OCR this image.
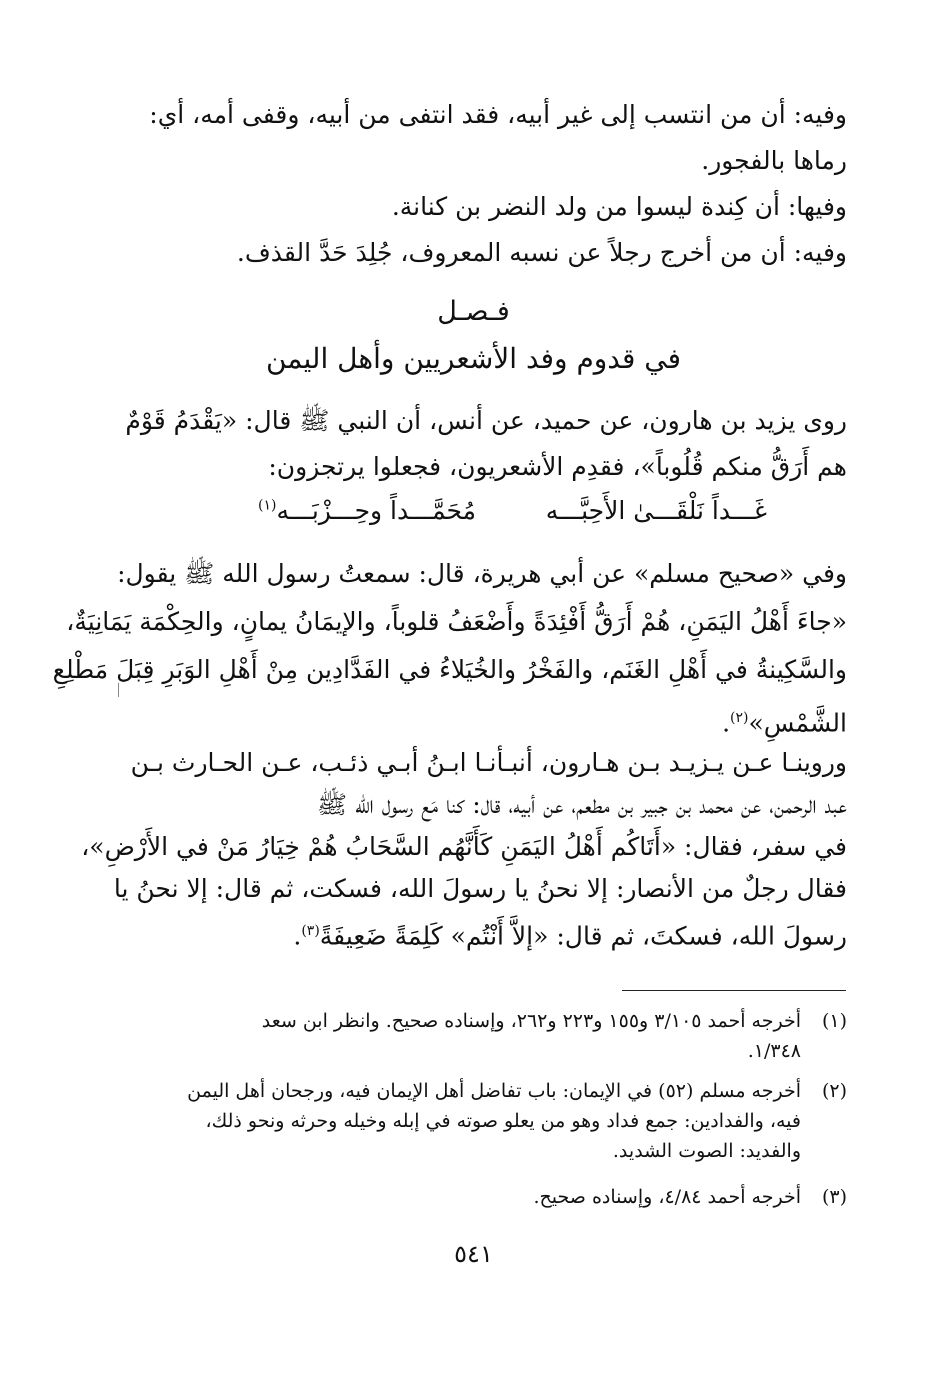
وفيه: أن من انتسب إلى غير أبيه، فقد انتفى من أبيه، وقفى أمه، أي:
رماها بالفجور.
وفيها: أن كِندة ليسوا من ولد النضر بن كنانة.
وفيه: أن من أخرج رجلاً عن نسبه المعروف، جُلِدَ حَدَّ القذف.
فـصـل
في قدوم وفد الأشعريين وأهل اليمن
روى يزيد بن هارون، عن حميد، عن أنس، أن النبي ﷺ قال: «يَقْدَمُ قَوْمٌ
هم أَرَقُّ منكم قُلُوباً»، فقدِم الأشعريون، فجعلوا يرتجزون:
غَـــداً نَلْقَـــىٰ الأَحِبَّـــه
مُحَمَّـــداً وحِـــزْبَـــه$^{(١)}$
وفي «صحيح مسلم» عن أبي هريرة، قال: سمعتُ رسول الله ﷺ يقول:
«جاءَ أَهْلُ اليَمَنِ، هُمْ أَرَقُّ أَفْئِدَةً وأَضْعَفُ قلوباً، والإيمَانُ يمانٍ، والحِكْمَة يَمَانِيَةٌ،
والسَّكِينةُ في أَهْلِ الغَنَم، والفَخْرُ والخُيَلاءُ في الفَدَّادِين مِنْ أَهْلِ الوَبَرِ قِبَلَ مَطْلِعِ
الشَّمْسِ»$^{(٢)}$.
وروينـا عـن يـزيـد بـن هـارون، أنبـأنـا ابـنُ أبـي ذئـب، عـن الحـارث بـن
عبد الرحمن، عن محمد بن جبير بن مطعم، عن أبيه، قال: كنا مَع رسول الله ﷺ
في سفر، فقال: «أَتَاكُم أَهْلُ اليَمَنِ كَأَنَّهُم السَّحَابُ هُمْ خِيَارُ مَنْ في الأَرْضِ»،
فقال رجلٌ من الأنصار: إلا نحنُ يا رسولَ الله، فسكت، ثم قال: إلا نحنُ يا
رسولَ الله، فسكتَ، ثم قال: «إلاَّ أَنْتُم» كَلِمَةً ضَعِيفَةً$^{(٣)}$.
(١)
أخرجه أحمد ٣/١٠٥ و١٥٥ و٢٢٣ و٢٦٢، وإسناده صحيح. وانظر ابن سعد
١/٣٤٨.
(٢)
أخرجه مسلم (٥٢) في الإيمان: باب تفاضل أهل الإيمان فيه، ورجحان أهل اليمن
فيه، والفدادين: جمع فداد وهو من يعلو صوته في إبله وخيله وحرثه ونحو ذلك،
والفديد: الصوت الشديد.
(٣)
أخرجه أحمد ٤/٨٤، وإسناده صحيح.
٥٤١
